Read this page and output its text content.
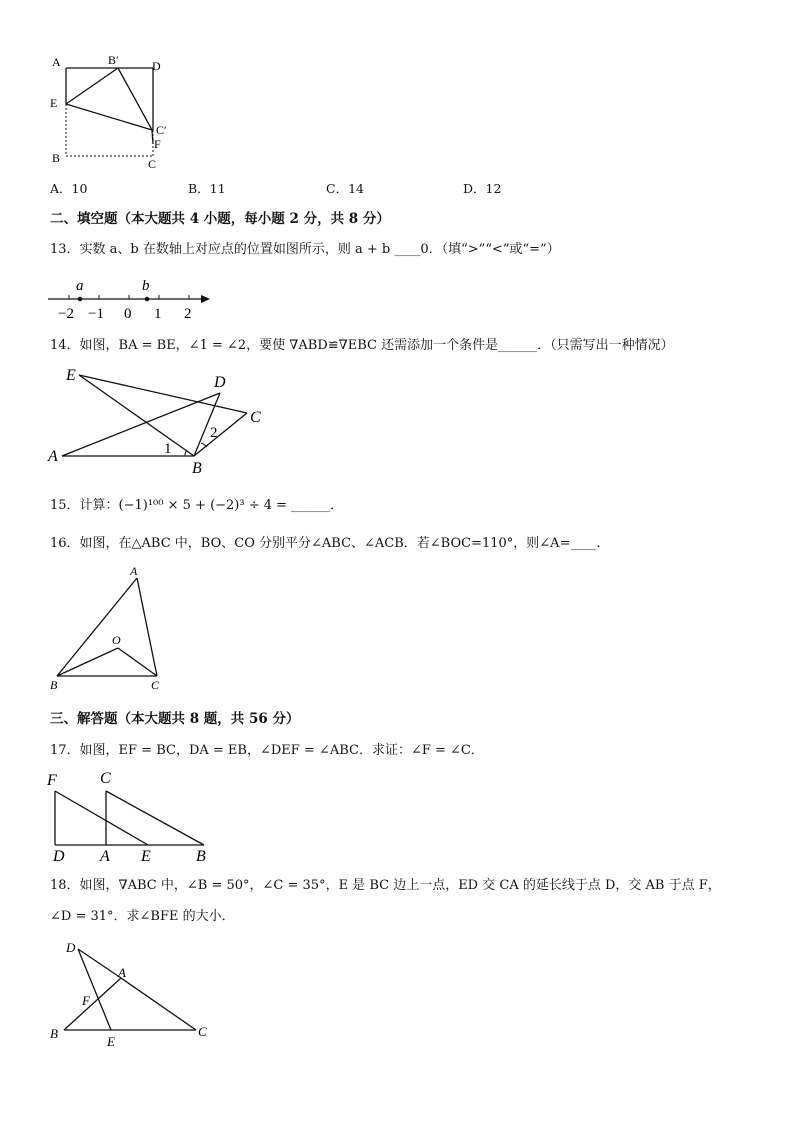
A	B′	D
E
C′
F
B	C
A．10	B．11	C．14	D．12
二、填空题（本大题共 4 小题，每小题 2 分，共 8 分）
13．实数 a、b 在数轴上对应点的位置如图所示，则 a + b ____0．（填“>”“<”或“=”）
a	b
−2 −1 0 1 2
14．如图，BA = BE，∠1 = ∠2，要使 ∇ABD≌∇EBC 还需添加一个条件是______．（只需写出一种情况）
E	D
C
A
B
1
2
15．计算：(−1)¹⁰⁰ × 5 + (−2)³ ÷ 4 = ______．
16．如图，在△ABC 中，BO、CO 分别平分∠ABC、∠ACB．若∠BOC=110°，则∠A=____．
A
O
B	C
三、解答题（本大题共 8 题，共 56 分）
17．如图，EF = BC，DA = EB，∠DEF = ∠ABC．求证：∠F = ∠C．
F	C
D A E	B
18．如图，∇ABC 中，∠B = 50°，∠C = 35°，E 是 BC 边上一点，ED 交 CA 的延长线于点 D，交 AB 于点 F，
∠D = 31°．求∠BFE 的大小．
D
A
F
B
E
C
